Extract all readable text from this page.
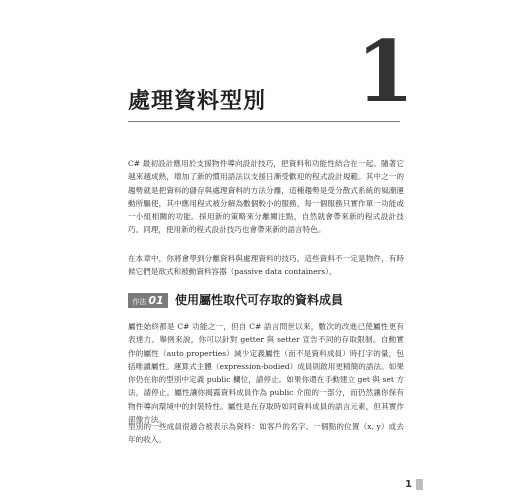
處理資料型別 1

C# 最初設計應用於支援物件導向設計技巧，把資料和功能性結合在一起。隨著它越來越成熟，增加了新的慣用語法以支援日漸受歡迎的程式設計規範。其中之一的趨勢就是把資料的儲存與處理資料的方法分離，這種趨勢是受分散式系統的風潮運動所驅使，其中應用程式被分解為數個較小的服務，每一個服務只實作單一功能或一小組相關的功能。採用新的策略來分離關注點，自然就會帶來新的程式設計技巧。同理，使用新的程式設計技巧也會帶來新的語言特色。

在本章中，你將會學到分離資料與處理資料的技巧，這些資料不一定是物件，有時候它們是欲式和被動資料容器（passive data containers）。

作法 01 使用屬性取代可存取的資料成員

屬性始終都是 C# 功能之一，但自 C# 語言問世以來，數次的改進已使屬性更有表達力。舉例來說，你可以針對 getter 與 setter 宣告不同的存取限制。自動實作的屬性（auto properties）減少定義屬性（而不是資料成員）時打字的量，包括唯讀屬性。運算式主體（expression-bodied）成員則啟用更精簡的語法。如果你仍在你的型別中定義 public 欄位，請停止。如果你還在手動建立 get 與 set 方法，請停止。屬性讓你揭露資料成員作為 public 介面的一部分，而仍然讓你保有物件導向環境中的封裝特性。屬性是在存取時如同資料成員的語言元素，但其實作卻像方法。

型別的一些成員很適合被表示為資料：如客戶的名字、一個點的位置（x, y）或去年的收入。

1
